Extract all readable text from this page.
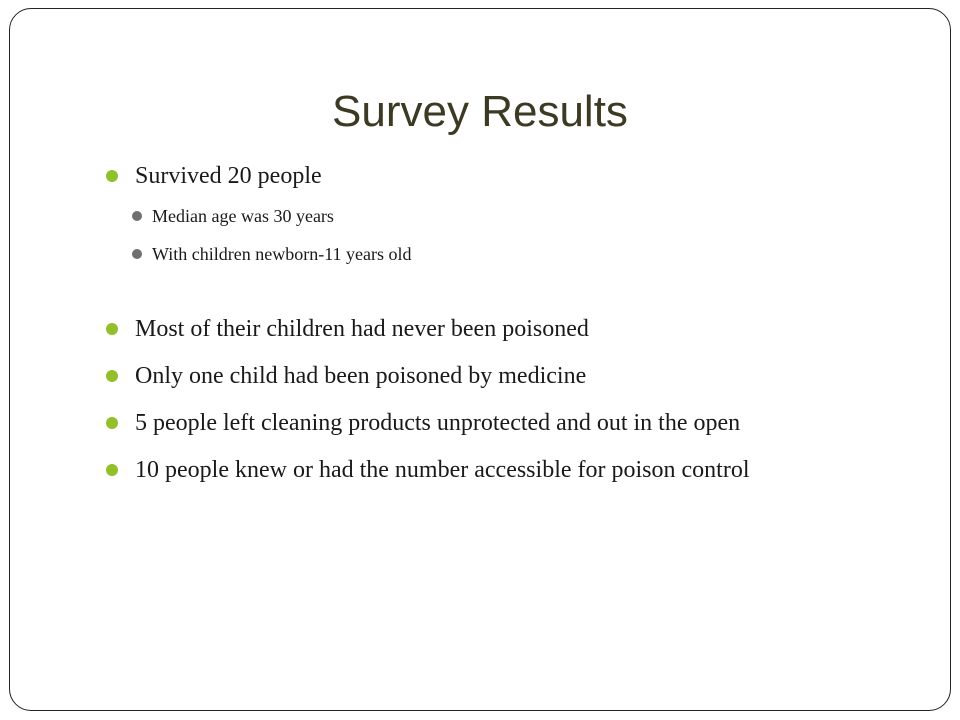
Survey Results
Survived 20 people
Median age was 30 years
With children newborn-11 years old
Most of their children had never been poisoned
Only one child had been poisoned by medicine
5 people left cleaning products unprotected and out in the open
10 people knew or had the number accessible for poison control
